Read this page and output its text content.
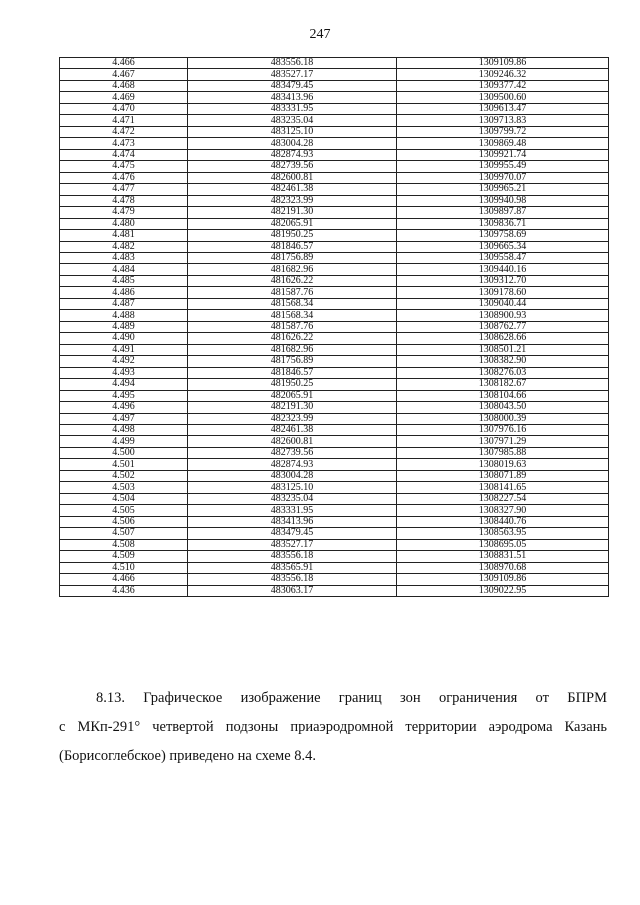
247
4.466	483556.18	1309109.86
4.467	483527.17	1309246.32
4.468	483479.45	1309377.42
4.469	483413.96	1309500.60
4.470	483331.95	1309613.47
4.471	483235.04	1309713.83
4.472	483125.10	1309799.72
4.473	483004.28	1309869.48
4.474	482874.93	1309921.74
4.475	482739.56	1309955.49
4.476	482600.81	1309970.07
4.477	482461.38	1309965.21
4.478	482323.99	1309940.98
4.479	482191.30	1309897.87
4.480	482065.91	1309836.71
4.481	481950.25	1309758.69
4.482	481846.57	1309665.34
4.483	481756.89	1309558.47
4.484	481682.96	1309440.16
4.485	481626.22	1309312.70
4.486	481587.76	1309178.60
4.487	481568.34	1309040.44
4.488	481568.34	1308900.93
4.489	481587.76	1308762.77
4.490	481626.22	1308628.66
4.491	481682.96	1308501.21
4.492	481756.89	1308382.90
4.493	481846.57	1308276.03
4.494	481950.25	1308182.67
4.495	482065.91	1308104.66
4.496	482191.30	1308043.50
4.497	482323.99	1308000.39
4.498	482461.38	1307976.16
4.499	482600.81	1307971.29
4.500	482739.56	1307985.88
4.501	482874.93	1308019.63
4.502	483004.28	1308071.89
4.503	483125.10	1308141.65
4.504	483235.04	1308227.54
4.505	483331.95	1308327.90
4.506	483413.96	1308440.76
4.507	483479.45	1308563.95
4.508	483527.17	1308695.05
4.509	483556.18	1308831.51
4.510	483565.91	1308970.68
4.466	483556.18	1309109.86
4.436	483063.17	1309022.95
8.13. Графическое изображение границ зон ограничения от БПРМ
с МКп-291° четвертой подзоны приаэродромной территории аэродрома Казань
(Борисоглебское) приведено на схеме 8.4.
